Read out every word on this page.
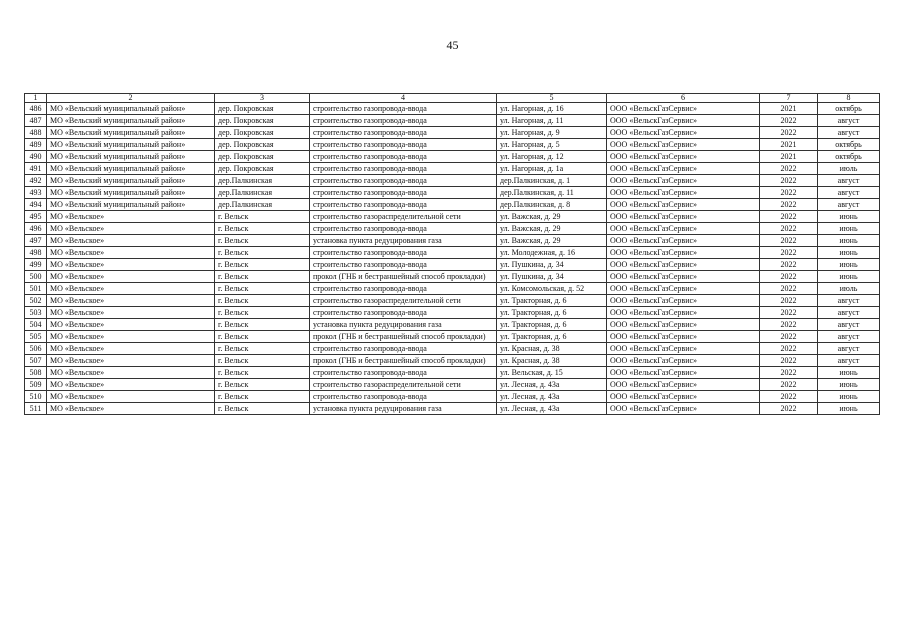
45
1	2	3	4	5	6	7	8
486	МО «Вельский муниципальный район»	дер. Покровская	строительство газопровода-ввода	ул. Нагорная, д. 16	ООО «ВельскГазСервис»	2021	октябрь
487	МО «Вельский муниципальный район»	дер. Покровская	строительство газопровода-ввода	ул. Нагорная, д. 11	ООО «ВельскГазСервис»	2022	август
488	МО «Вельский муниципальный район»	дер. Покровская	строительство газопровода-ввода	ул. Нагорная, д. 9	ООО «ВельскГазСервис»	2022	август
489	МО «Вельский муниципальный район»	дер. Покровская	строительство газопровода-ввода	ул. Нагорная, д. 5	ООО «ВельскГазСервис»	2021	октябрь
490	МО «Вельский муниципальный район»	дер. Покровская	строительство газопровода-ввода	ул. Нагорная, д. 12	ООО «ВельскГазСервис»	2021	октябрь
491	МО «Вельский муниципальный район»	дер. Покровская	строительство газопровода-ввода	ул. Нагорная, д. 1а	ООО «ВельскГазСервис»	2022	июль
492	МО «Вельский муниципальный район»	дер.Палкинская	строительство газопровода-ввода	дер.Палкинская, д. 1	ООО «ВельскГазСервис»	2022	август
493	МО «Вельский муниципальный район»	дер.Палкинская	строительство газопровода-ввода	дер.Палкинская, д. 11	ООО «ВельскГазСервис»	2022	август
494	МО «Вельский муниципальный район»	дер.Палкинская	строительство газопровода-ввода	дер.Палкинская, д. 8	ООО «ВельскГазСервис»	2022	август
495	МО «Вельское»	г. Вельск	строительство газораспределительной сети	ул. Важская, д. 29	ООО «ВельскГазСервис»	2022	июнь
496	МО «Вельское»	г. Вельск	строительство газопровода-ввода	ул. Важская, д. 29	ООО «ВельскГазСервис»	2022	июнь
497	МО «Вельское»	г. Вельск	установка пункта редуцирования газа	ул. Важская, д. 29	ООО «ВельскГазСервис»	2022	июнь
498	МО «Вельское»	г. Вельск	строительство газопровода-ввода	ул. Молодежная, д. 16	ООО «ВельскГазСервис»	2022	июнь
499	МО «Вельское»	г. Вельск	строительство газопровода-ввода	ул. Пушкина, д. 34	ООО «ВельскГазСервис»	2022	июнь
500	МО «Вельское»	г. Вельск	прокол (ГНБ и бестраншейный способ прокладки)	ул. Пушкина, д. 34	ООО «ВельскГазСервис»	2022	июнь
501	МО «Вельское»	г. Вельск	строительство газопровода-ввода	ул. Комсомольская, д. 52	ООО «ВельскГазСервис»	2022	июль
502	МО «Вельское»	г. Вельск	строительство газораспределительной сети	ул. Тракторная, д. 6	ООО «ВельскГазСервис»	2022	август
503	МО «Вельское»	г. Вельск	строительство газопровода-ввода	ул. Тракторная, д. 6	ООО «ВельскГазСервис»	2022	август
504	МО «Вельское»	г. Вельск	установка пункта редуцирования газа	ул. Тракторная, д. 6	ООО «ВельскГазСервис»	2022	август
505	МО «Вельское»	г. Вельск	прокол (ГНБ и бестраншейный способ прокладки)	ул. Тракторная, д. 6	ООО «ВельскГазСервис»	2022	август
506	МО «Вельское»	г. Вельск	строительство газопровода-ввода	ул. Красная, д. 38	ООО «ВельскГазСервис»	2022	август
507	МО «Вельское»	г. Вельск	прокол (ГНБ и бестраншейный способ прокладки)	ул. Красная, д. 38	ООО «ВельскГазСервис»	2022	август
508	МО «Вельское»	г. Вельск	строительство газопровода-ввода	ул. Вельская, д. 15	ООО «ВельскГазСервис»	2022	июнь
509	МО «Вельское»	г. Вельск	строительство газораспределительной сети	ул. Лесная, д. 43а	ООО «ВельскГазСервис»	2022	июнь
510	МО «Вельское»	г. Вельск	строительство газопровода-ввода	ул. Лесная, д. 43а	ООО «ВельскГазСервис»	2022	июнь
511	МО «Вельское»	г. Вельск	установка пункта редуцирования газа	ул. Лесная, д. 43а	ООО «ВельскГазСервис»	2022	июнь
